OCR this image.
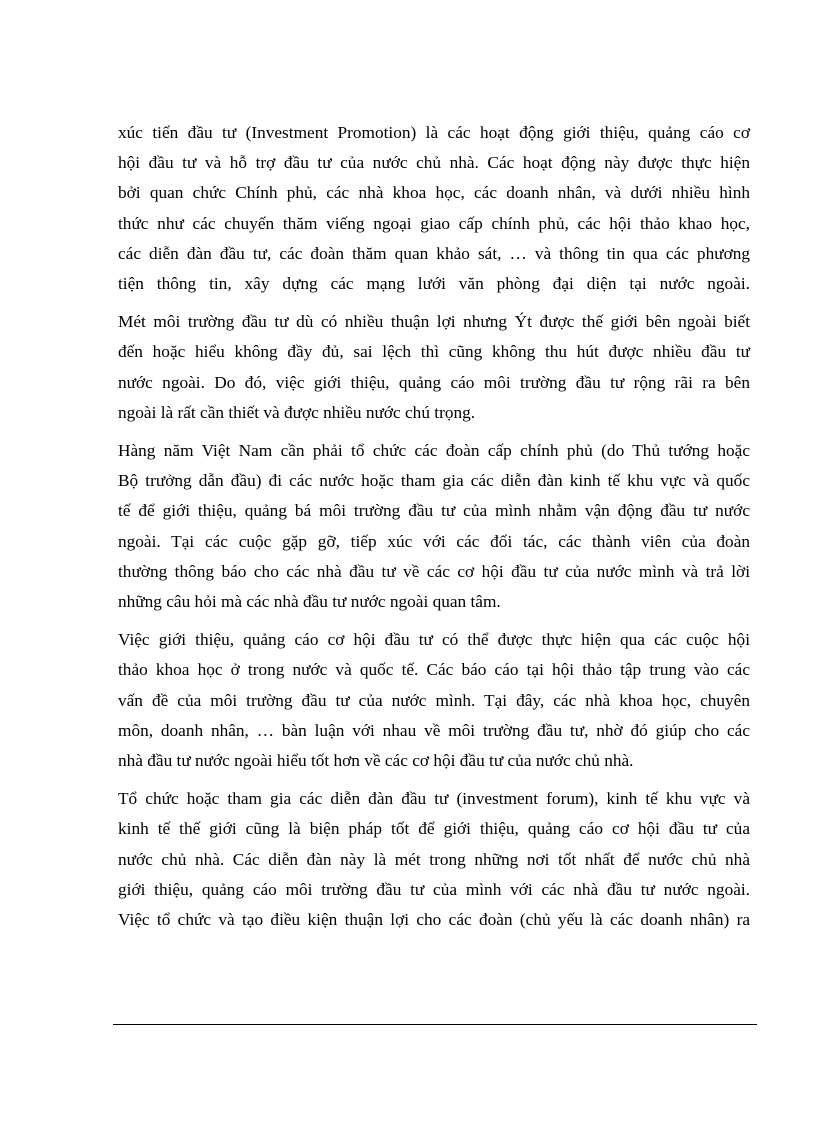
xúc tiến đầu tư (Investment Promotion) là các hoạt động giới thiệu, quảng cáo cơ
hội đầu tư và hỗ trợ đầu tư của nước chủ nhà. Các hoạt động này được thực hiện
bởi quan chức Chính phủ, các nhà khoa học, các doanh nhân, và dưới nhiều hình
thức như các chuyến thăm viếng ngoại giao cấp chính phủ, các hội thảo khao học,
các diễn đàn đầu tư, các đoàn thăm quan khảo sát, … và thông tin qua các phương
tiện thông tin, xây dựng các mạng lưới văn phòng đại diện tại nước ngoài.

Mét môi trường đầu tư dù có nhiều thuận lợi nhưng Ýt được thế giới bên ngoài biết
đến hoặc hiểu không đầy đủ, sai lệch thì cũng không thu hút được nhiều đầu tư
nước ngoài. Do đó, việc giới thiệu, quảng cáo môi trường đầu tư rộng rãi ra bên
ngoài là rất cần thiết và được nhiều nước chú trọng.

Hàng năm Việt Nam cần phải tổ chức các đoàn cấp chính phủ (do Thủ tướng hoặc
Bộ trưởng dẫn đầu) đi các nước hoặc tham gia các diễn đàn kinh tế khu vực và quốc
tế để giới thiệu, quảng bá môi trường đầu tư của mình nhằm vận động đầu tư nước
ngoài. Tại các cuộc gặp gỡ, tiếp xúc với các đối tác, các thành viên của đoàn
thường thông báo cho các nhà đầu tư về các cơ hội đầu tư của nước mình và trả lời
những câu hỏi mà các nhà đầu tư nước ngoài quan tâm.

Việc giới thiệu, quảng cáo cơ hội đầu tư có thể được thực hiện qua các cuộc hội
thảo khoa học ở trong nước và quốc tế. Các báo cáo tại hội thảo tập trung vào các
vấn đề của môi trường đầu tư của nước mình. Tại đây, các nhà khoa học, chuyên
môn, doanh nhân, … bàn luận với nhau về môi trường đầu tư, nhờ đó giúp cho các
nhà đầu tư nước ngoài hiểu tốt hơn về các cơ hội đầu tư của nước chủ nhà.

Tổ chức hoặc tham gia các diễn đàn đầu tư (investment forum), kinh tế khu vực và
kinh tế thế giới cũng là biện pháp tốt để giới thiệu, quảng cáo cơ hội đầu tư của
nước chủ nhà. Các diễn đàn này là mét trong những nơi tốt nhất để nước chủ nhà
giới thiệu, quảng cáo môi trường đầu tư của mình với các nhà đầu tư nước ngoài.
Việc tổ chức và tạo điều kiện thuận lợi cho các đoàn (chủ yếu là các doanh nhân) ra
